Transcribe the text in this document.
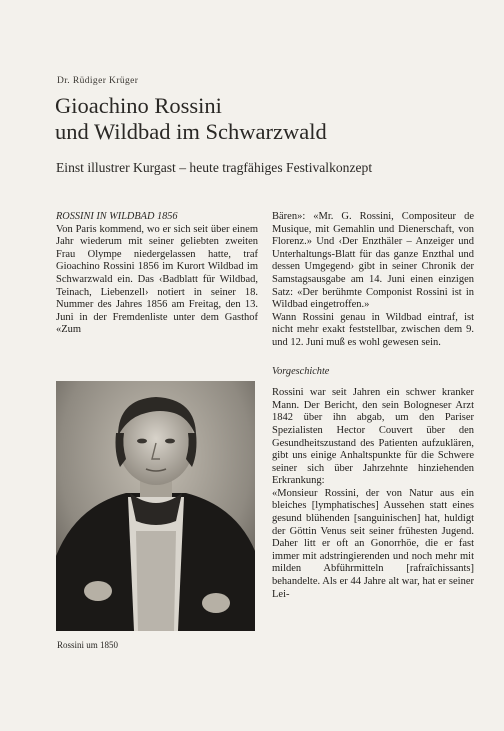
Dr. Rüdiger Krüger
Gioachino Rossini
und Wildbad im Schwarzwald
Einst illustrer Kurgast – heute tragfähiges Festivalkonzept

ROSSINI IN WILDBAD 1856

Von Paris kommend, wo er sich seit über einem Jahr wiederum mit seiner geliebten zweiten Frau Olympe niedergelassen hatte, traf Gioachino Rossini 1856 im Kurort Wildbad im Schwarzwald ein. Das ‹Badblatt für Wildbad, Teinach, Liebenzell› notiert in seiner 18. Nummer des Jahres 1856 am Freitag, den 13. Juni in der Fremdenliste unter dem Gasthof «Zum

Rossini um 1850

Bären»: «Mr. G. Rossini, Compositeur de Musique, mit Gemahlin und Dienerschaft, von Florenz.» Und ‹Der Enzthäler – Anzeiger und Unterhaltungs-Blatt für das ganze Enzthal und dessen Umgegend› gibt in seiner Chronik der Samstagsausgabe am 14. Juni einen einzigen Satz: «Der berühmte Componist Rossini ist in Wildbad eingetroffen.»

Wann Rossini genau in Wildbad eintraf, ist nicht mehr exakt feststellbar, zwischen dem 9. und 12. Juni muß es wohl gewesen sein.

Vorgeschichte

Rossini war seit Jahren ein schwer kranker Mann. Der Bericht, den sein Bologneser Arzt 1842 über ihn abgab, um den Pariser Spezialisten Hector Couvert über den Gesundheitszustand des Patienten aufzuklären, gibt uns einige Anhaltspunkte für die Schwere seiner sich über Jahrzehnte hinziehenden Erkrankung:

«Monsieur Rossini, der von Natur aus ein bleiches [lymphatisches] Aussehen statt eines gesund blühenden [sanguinischen] hat, huldigt der Göttin Venus seit seiner frühesten Jugend. Daher litt er oft an Gonorrhöe, die er fast immer mit adstringierenden und noch mehr mit milden Abführmitteln [rafraîchissants] behandelte. Als er 44 Jahre alt war, hat er seiner Lei-
